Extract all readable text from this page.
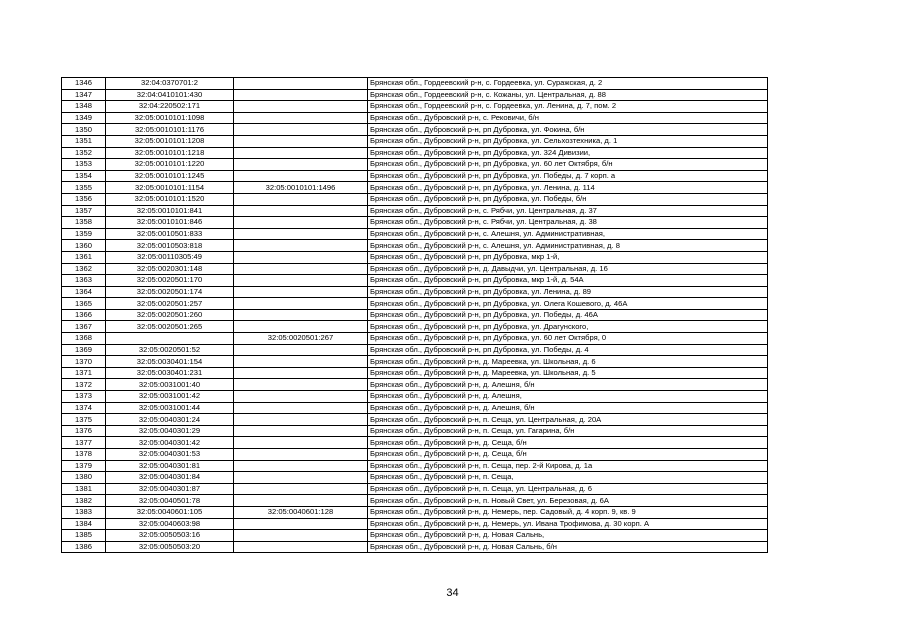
1346	32:04:0370701:2		Брянская обл., Гордеевский р-н, с. Гордеевка, ул. Суражская, д. 2
1347	32:04:0410101:430		Брянская обл., Гордеевский р-н, с. Кожаны, ул. Центральная, д. 88
1348	32:04:220502:171		Брянская обл., Гордеевский р-н, с. Гордеевка, ул. Ленина, д. 7, пом. 2
1349	32:05:0010101:1098		Брянская обл., Дубровский р-н, с. Рековичи, б/н
1350	32:05:0010101:1176		Брянская обл., Дубровский р-н, рп Дубровка, ул. Фокина, б/н
1351	32:05:0010101:1208		Брянская обл., Дубровский р-н, рп Дубровка, ул. Сельхозтехника, д. 1
1352	32:05:0010101:1218		Брянская обл., Дубровский р-н, рп Дубровка, ул. 324 Дивизии,
1353	32:05:0010101:1220		Брянская обл., Дубровский р-н, рп Дубровка, ул. 60 лет Октября, б/н
1354	32:05:0010101:1245		Брянская обл., Дубровский р-н, рп Дубровка, ул. Победы, д. 7 корп. а
1355	32:05:0010101:1154	32:05:0010101:1496	Брянская обл., Дубровский р-н, рп Дубровка, ул. Ленина, д. 114
1356	32:05:0010101:1520		Брянская обл., Дубровский р-н, рп Дубровка, ул. Победы, б/н
1357	32:05:0010101:841		Брянская обл., Дубровский р-н, с. Рябчи, ул. Центральная, д. 37
1358	32:05:0010101:846		Брянская обл., Дубровский р-н, с. Рябчи, ул. Центральная, д. 38
1359	32:05:0010501:833		Брянская обл., Дубровский р-н, с. Алешня, ул. Административная,
1360	32:05:0010503:818		Брянская обл., Дубровский р-н, с. Алешня, ул. Административная, д. 8
1361	32:05:00110305:49		Брянская обл., Дубровский р-н, рп Дубровка, мкр 1-й,
1362	32:05:0020301:148		Брянская обл., Дубровский р-н, д. Давыдчи, ул. Центральная, д. 16
1363	32:05:0020501:170		Брянская обл., Дубровский р-н, рп Дубровка, мкр 1-й, д. 54А
1364	32:05:0020501:174		Брянская обл., Дубровский р-н, рп Дубровка, ул. Ленина, д. 89
1365	32:05:0020501:257		Брянская обл., Дубровский р-н, рп Дубровка, ул. Олега Кошевого, д. 46А
1366	32:05:0020501:260		Брянская обл., Дубровский р-н, рп Дубровка, ул. Победы, д. 46А
1367	32:05:0020501:265		Брянская обл., Дубровский р-н, рп Дубровка, ул. Драгунского,
1368		32:05:0020501:267	Брянская обл., Дубровский р-н, рп Дубровка, ул. 60 лет Октября, 0
1369	32:05:0020501:52		Брянская обл., Дубровский р-н, рп Дубровка, ул. Победы, д. 4
1370	32:05:0030401:154		Брянская обл., Дубровский р-н, д. Мареевка, ул. Школьная, д. 6
1371	32:05:0030401:231		Брянская обл., Дубровский р-н, д. Мареевка, ул. Школьная, д. 5
1372	32:05:0031001:40		Брянская обл., Дубровский р-н, д. Алешня, б/н
1373	32:05:0031001:42		Брянская обл., Дубровский р-н, д. Алешня,
1374	32:05:0031001:44		Брянская обл., Дубровский р-н, д. Алешня, б/н
1375	32:05:0040301:24		Брянская обл., Дубровский р-н, п. Сеща, ул. Центральная, д. 20А
1376	32:05:0040301:29		Брянская обл., Дубровский р-н, п. Сеща, ул. Гагарина, б/н
1377	32:05:0040301:42		Брянская обл., Дубровский р-н, д. Сеща, б/н
1378	32:05:0040301:53		Брянская обл., Дубровский р-н, д. Сеща, б/н
1379	32:05:0040301:81		Брянская обл., Дубровский р-н, п. Сеща, пер. 2-й Кирова, д. 1а
1380	32:05:0040301:84		Брянская обл., Дубровский р-н, п. Сеща,
1381	32:05:0040301:87		Брянская обл., Дубровский р-н, п. Сеща, ул. Центральная, д. 6
1382	32:05:0040501:78		Брянская обл., Дубровский р-н, п. Новый Свет, ул. Березовая, д. 6А
1383	32:05:0040601:105	32:05:0040601:128	Брянская обл., Дубровский р-н, д. Немерь, пер. Садовый, д. 4 корп. 9, кв. 9
1384	32:05:0040603:98		Брянская обл., Дубровский р-н, д. Немерь, ул. Ивана Трофимова, д. 30 корп. А
1385	32:05:0050503:16		Брянская обл., Дубровский р-н, д. Новая Сальнь,
1386	32:05:0050503:20		Брянская обл., Дубровский р-н, д. Новая Сальнь, б/н
34
